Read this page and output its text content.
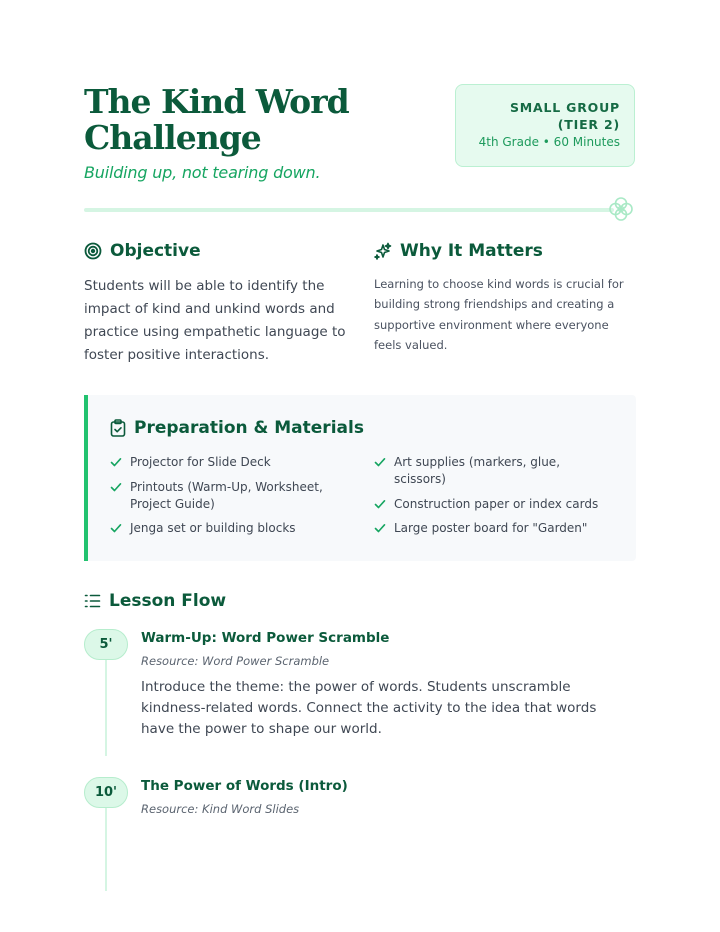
The Kind Word Challenge
Building up, not tearing down.
SMALL GROUP (TIER 2)
4th Grade • 60 Minutes
Objective
Students will be able to identify the impact of kind and unkind words and practice using empathetic language to foster positive interactions.
Why It Matters
Learning to choose kind words is crucial for building strong friendships and creating a supportive environment where everyone feels valued.
Preparation & Materials
Projector for Slide Deck
Printouts (Warm-Up, Worksheet, Project Guide)
Jenga set or building blocks
Art supplies (markers, glue, scissors)
Construction paper or index cards
Large poster board for "Garden"
Lesson Flow
5'	Warm-Up: Word Power Scramble
Resource: Word Power Scramble
Introduce the theme: the power of words. Students unscramble kindness-related words. Connect the activity to the idea that words have the power to shape our world.
10'	The Power of Words (Intro)
Resource: Kind Word Slides
